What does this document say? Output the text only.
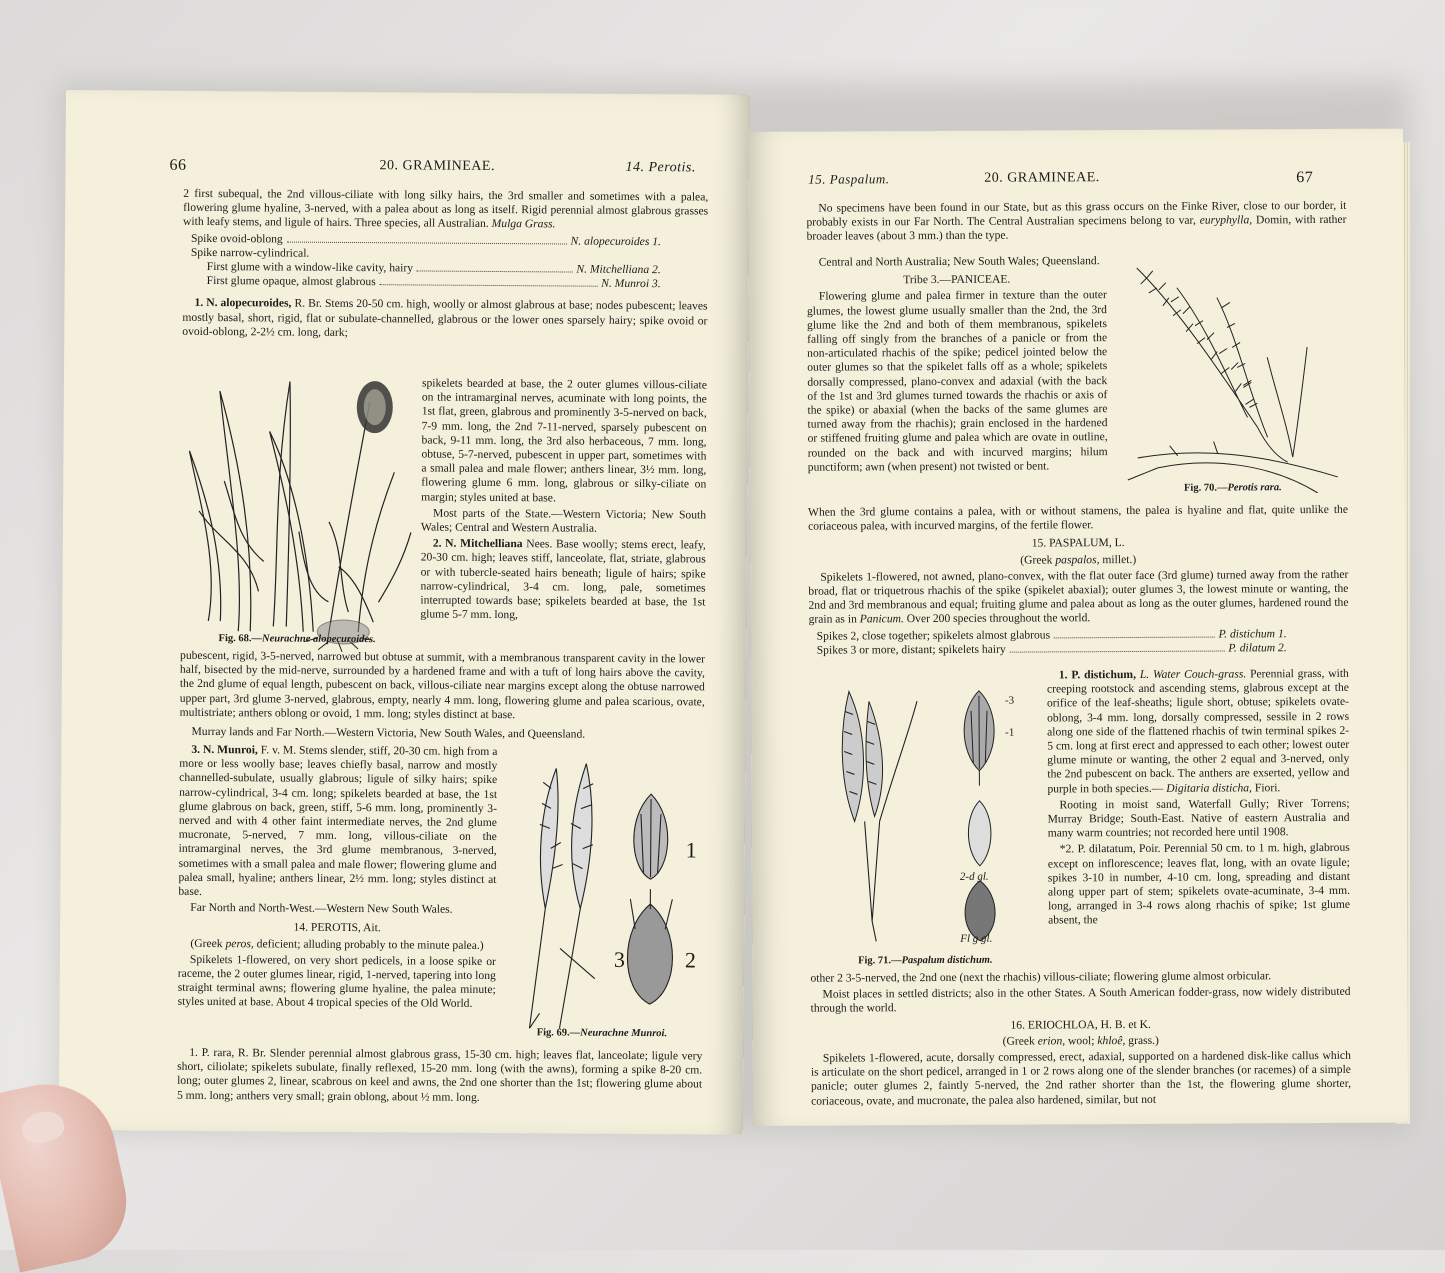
66	20. GRAMINEAE.	14. Perotis.

2 first subequal, the 2nd villous-ciliate with long silky hairs, the 3rd smaller and sometimes with a palea, flowering glume hyaline, 3-nerved, with a palea about as long as itself. Rigid perennial almost glabrous grasses with leafy stems, and ligule of hairs. Three species, all Australian. Mulga Grass.

Spike ovoid-oblong	N. alopecuroides 1.
Spike narrow-cylindrical.
First glume with a window-like cavity, hairy	N. Mitchelliana 2.
First glume opaque, almost glabrous	N. Munroi 3.

1. N. alopecuroides, R. Br. Stems 20-50 cm. high, woolly or almost glabrous at base; nodes pubescent; leaves mostly basal, short, rigid, flat or subulate-channelled, glabrous or the lower ones sparsely hairy; spike ovoid or ovoid-oblong, 2-2½ cm. long, dark;

spikelets bearded at base, the 2 outer glumes villous-ciliate on the intramarginal nerves, acuminate with long points, the 1st flat, green, glabrous and prominently 3-5-nerved on back, 7-9 mm. long, the 2nd 7-11-nerved, sparsely pubescent on back, 9-11 mm. long, the 3rd also herbaceous, 7 mm. long, obtuse, 5-7-nerved, pubescent in upper part, sometimes with a small palea and male flower; anthers linear, 3½ mm. long, flowering glume 6 mm. long, glabrous or silky-ciliate on margin; styles united at base.

Most parts of the State.—Western Victoria; New South Wales; Central and Western Australia.

2. N. Mitchelliana Nees. Base woolly; stems erect, leafy, 20-30 cm. high; leaves stiff, lanceolate, flat, striate, glabrous or with tubercle-seated hairs beneath; ligule of hairs; spike narrow-cylindrical, 3-4 cm. long, pale, sometimes interrupted towards base; spikelets bearded at base, the 1st glume 5-7 mm. long,

Fig. 68.—Neurachne alopecuroides.

pubescent, rigid, 3-5-nerved, narrowed but obtuse at summit, with a membranous transparent cavity in the lower half, bisected by the mid-nerve, surrounded by a hardened frame and with a tuft of long hairs above the cavity, the 2nd glume of equal length, pubescent on back, villous-ciliate near margins except along the obtuse narrowed upper part, 3rd glume 3-nerved, glabrous, empty, nearly 4 mm. long, flowering glume and palea scarious, ovate, multistriate; anthers oblong or ovoid, 1 mm. long; styles distinct at base.

Murray lands and Far North.—Western Victoria, New South Wales, and Queensland.

3. N. Munroi, F. v. M. Stems slender, stiff, 20-30 cm. high from a more or less woolly base; leaves chiefly basal, narrow and mostly channelled-subulate, usually glabrous; ligule of silky hairs; spike narrow-cylindrical, 3-4 cm. long; spikelets bearded at base, the 1st glume glabrous on back, green, stiff, 5-6 mm. long, prominently 3-nerved and with 4 other faint intermediate nerves, the 2nd glume mucronate, 5-nerved, 7 mm. long, villous-ciliate on the intramarginal nerves, the 3rd glume membranous, 3-nerved, sometimes with a small palea and male flower; flowering glume and palea small, hyaline; anthers linear, 2½ mm. long; styles distinct at base.

Far North and North-West.—Western New South Wales.

14. PEROTIS, Ait.

(Greek peros, deficient; alluding probably to the minute palea.)

Spikelets 1-flowered, on very short pedicels, in a loose spike or raceme, the 2 outer glumes linear, rigid, 1-nerved, tapering into long straight terminal awns; flowering glume hyaline, the palea minute; styles united at base. About 4 tropical species of the Old World.

1
2
3
Fig. 69.—Neurachne Munroi.

1. P. rara, R. Br. Slender perennial almost glabrous grass, 15-30 cm. high; leaves flat, lanceolate; ligule very short, ciliolate; spikelets subulate, finally reflexed, 15-20 mm. long (with the awns), forming a spike 8-20 cm. long; outer glumes 2, linear, scabrous on keel and awns, the 2nd one shorter than the 1st; flowering glume about 5 mm. long; anthers very small; grain oblong, about ½ mm. long.

15. Paspalum.	20. GRAMINEAE.	67

No specimens have been found in our State, but as this grass occurs on the Finke River, close to our border, it probably exists in our Far North. The Central Australian specimens belong to var, euryphylla, Domin, with rather broader leaves (about 3 mm.) than the type.

Central and North Australia; New South Wales; Queensland.

Tribe 3.—PANICEAE.

Flowering glume and palea firmer in texture than the outer glumes, the lowest glume usually smaller than the 2nd, the 3rd glume like the 2nd and both of them membranous, spikelets falling off singly from the branches of a panicle or from the non-articulated rhachis of the spike; pedicel jointed below the outer glumes so that the spikelet falls off as a whole; spikelets dorsally compressed, plano-convex and adaxial (with the back of the 1st and 3rd glumes turned towards the rhachis or axis of the spike) or abaxial (when the backs of the same glumes are turned away from the rhachis); grain enclosed in the hardened or stiffened fruiting glume and palea which are ovate in outline, rounded on the back and with incurved margins; hilum punctiform; awn (when present) not twisted or bent.

Fig. 70.—Perotis rara.

When the 3rd glume contains a palea, with or without stamens, the palea is hyaline and flat, quite unlike the coriaceous palea, with incurved margins, of the fertile flower.

15. PASPALUM, L.

(Greek paspalos, millet.)

Spikelets 1-flowered, not awned, plano-convex, with the flat outer face (3rd glume) turned away from the rather broad, flat or triquetrous rhachis of the spike (spikelet abaxial); outer glumes 3, the lowest minute or wanting, the 2nd and 3rd membranous and equal; fruiting glume and palea about as long as the outer glumes, hardened round the grain as in Panicum. Over 200 species throughout the world.

Spikes 2, close together; spikelets almost glabrous	P. distichum 1.
Spikes 3 or more, distant; spikelets hairy	P. dilatum 2.
-3
-1
2-d gl.
Fl g gl.
Fig. 71.—Paspalum distichum.

1. P. distichum, L. Water Couch-grass. Perennial grass, with creeping rootstock and ascending stems, glabrous except at the orifice of the leaf-sheaths; ligule short, obtuse; spikelets ovate-oblong, 3-4 mm. long, dorsally compressed, sessile in 2 rows along one side of the flattened rhachis of twin terminal spikes 2-5 cm. long at first erect and appressed to each other; lowest outer glume minute or wanting, the other 2 equal and 3-nerved, only the 2nd pubescent on back. The anthers are exserted, yellow and purple in both species.— Digitaria disticha, Fiori.

Rooting in moist sand, Waterfall Gully; River Torrens; Murray Bridge; South-East. Native of eastern Australia and many warm countries; not recorded here until 1908.

*2. P. dilatatum, Poir. Perennial 50 cm. to 1 m. high, glabrous except on inflorescence; leaves flat, long, with an ovate ligule; spikes 3-10 in number, 4-10 cm. long, spreading and distant along upper part of stem; spikelets ovate-acuminate, 3-4 mm. long, arranged in 3-4 rows along rhachis of spike; 1st glume absent, the

other 2 3-5-nerved, the 2nd one (next the rhachis) villous-ciliate; flowering glume almost orbicular.

Moist places in settled districts; also in the other States. A South American fodder-grass, now widely distributed through the world.

16. ERIOCHLOA, H. B. et K.

(Greek erion, wool; khloê, grass.)

Spikelets 1-flowered, acute, dorsally compressed, erect, adaxial, supported on a hardened disk-like callus which is articulate on the short pedicel, arranged in 1 or 2 rows along one of the slender branches (or racemes) of a simple panicle; outer glumes 2, faintly 5-nerved, the 2nd rather shorter than the 1st, the flowering glume shorter, coriaceous, ovate, and mucronate, the palea also hardened, similar, but not
